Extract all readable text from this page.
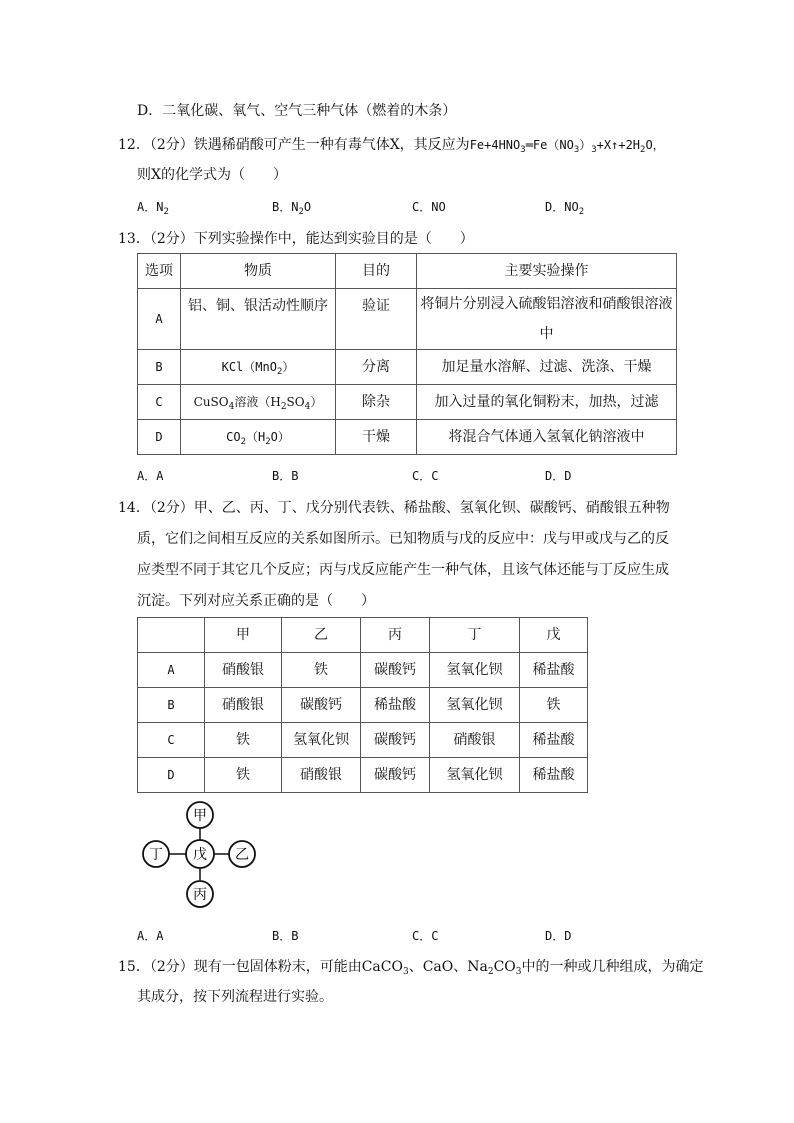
D．二氧化碳、氧气、空气三种气体（燃着的木条）
12．（2分）铁遇稀硝酸可产生一种有毒气体X，其反应为$Fe+4HNO_3═Fe(NO_3)_3+X↑+2H_2O$，
则X的化学式为（　　）
A．$N_2$	B．$N_2O$	C．NO	D．$NO_2$
13．（2分）下列实验操作中，能达到实验目的是（　　）
选项	物质	目的	主要实验操作
A	铝、铜、银活动性顺序	验证	将铜片分别浸入硫酸铝溶液和硝酸银溶液中
B	KCl（MnO$_2$）	分离	加足量水溶解、过滤、洗涤、干燥
C	CuSO$_4$溶液$(H_2SO_4)$	除杂	加入过量的氧化铜粉末，加热，过滤
D	$CO_2(H_2O)$	干燥	将混合气体通入氢氧化钠溶液中
A．A	B．B	C．C	D．D
14．（2分）甲、乙、丙、丁、戊分别代表铁、稀盐酸、氢氧化钡、碳酸钙、硝酸银五种物
质，它们之间相互反应的关系如图所示。已知物质与戊的反应中：戊与甲或戊与乙的反
应类型不同于其它几个反应；丙与戊反应能产生一种气体，且该气体还能与丁反应生成
沉淀。下列对应关系正确的是（　　）
	甲	乙	丙	丁	戊
A	硝酸银	铁	碳酸钙	氢氧化钡	稀盐酸
B	硝酸银	碳酸钙	稀盐酸	氢氧化钡	铁
C	铁	氢氧化钡	碳酸钙	硝酸银	稀盐酸
D	铁	硝酸银	碳酸钙	氢氧化钡	稀盐酸
甲
丁 戊 乙
丙
A．A	B．B	C．C	D．D
15．（2分）现有一包固体粉末，可能由CaCO$_3$、CaO、$Na_2CO_3$中的一种或几种组成，为确定
其成分，按下列流程进行实验。
